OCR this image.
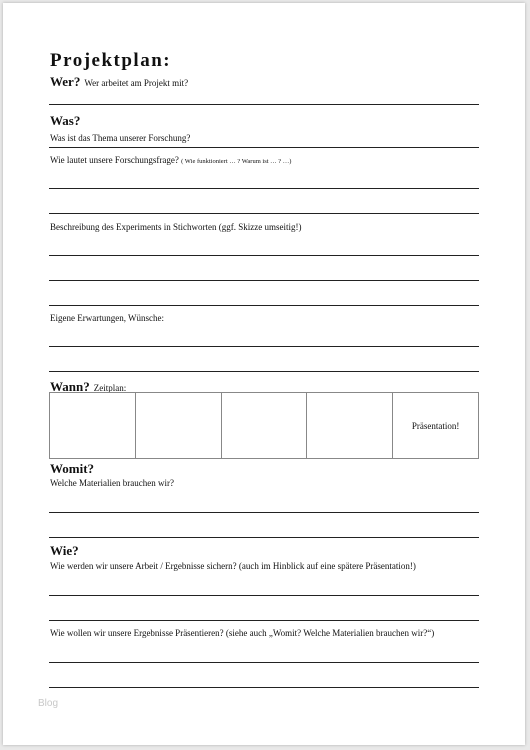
Projektplan:
Wer? Wer arbeitet am Projekt mit?
Was?
Was ist das Thema unserer Forschung?
Wie lautet unsere Forschungsfrage? ( Wie funktioniert … ? Warum ist … ? …)
Beschreibung des Experiments in Stichworten (ggf. Skizze umseitig!)
Eigene Erwartungen, Wünsche:
Wann? Zeitplan:
Präsentation!
Womit?
Welche Materialien brauchen wir?
Wie?
Wie werden wir unsere Arbeit / Ergebnisse sichern? (auch im Hinblick auf eine spätere Präsentation!)
Wie wollen wir unsere Ergebnisse Präsentieren? (siehe auch „Womit? Welche Materialien brauchen wir?“)
Blog
